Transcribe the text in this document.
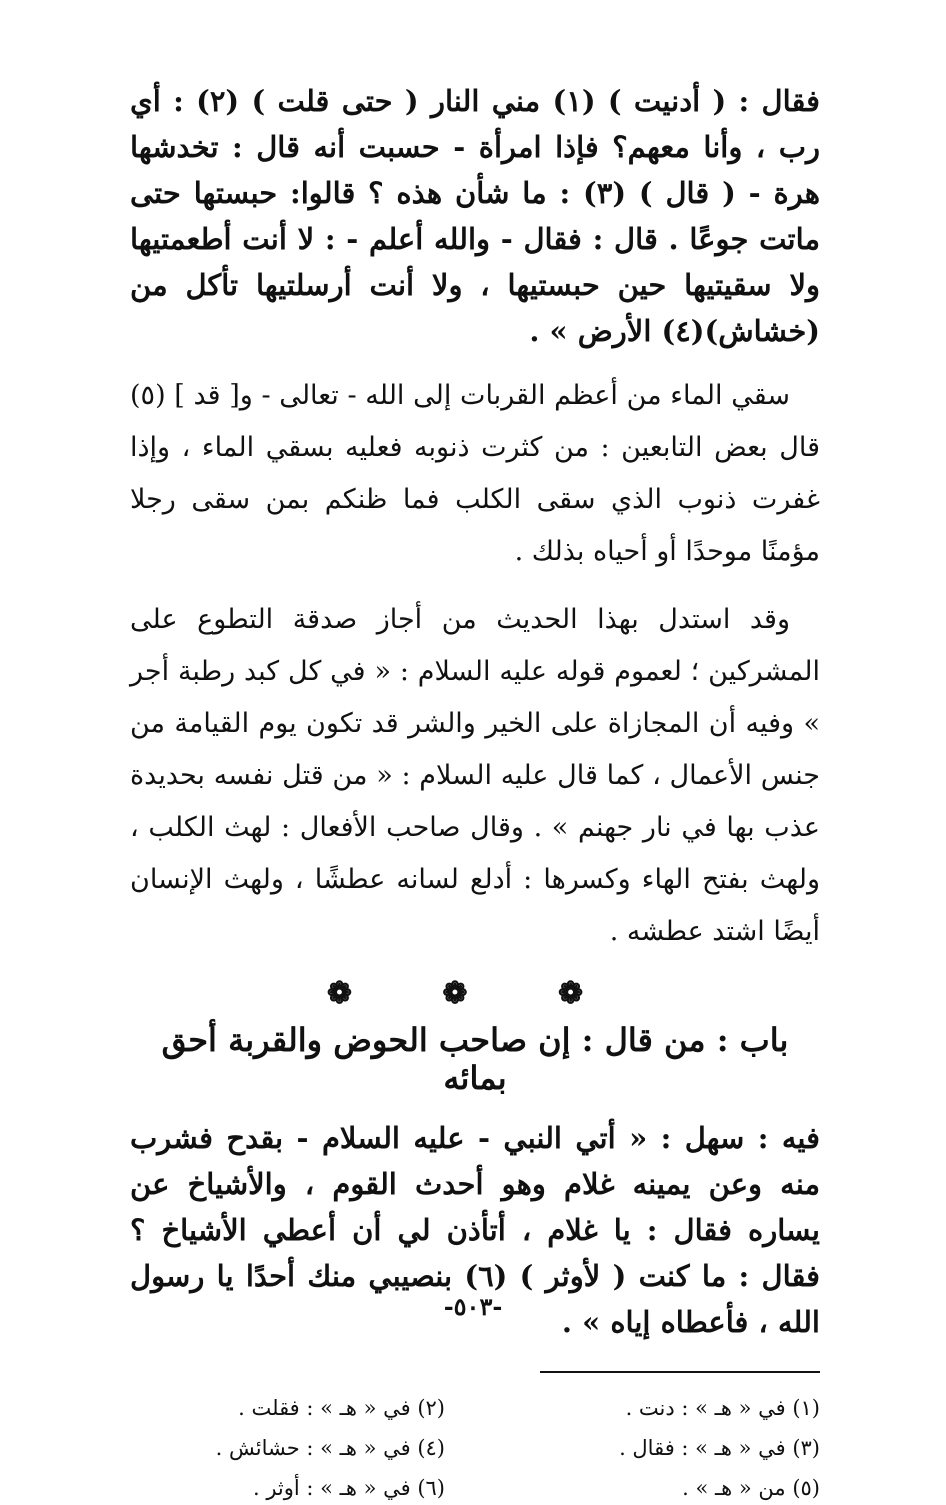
فقال : ( أدنيت ) (١) مني النار ( حتى قلت ) (٢) : أي رب ، وأنا معهم؟ فإذا امرأة - حسبت أنه قال : تخدشها هرة - ( قال ) (٣) : ما شأن هذه ؟ قالوا: حبستها حتى ماتت جوعًا . قال : فقال - والله أعلم - : لا أنت أطعمتيها ولا سقيتيها حين حبستيها ، ولا أنت أرسلتيها تأكل من (خشاش)(٤) الأرض » .

سقي الماء من أعظم القربات إلى الله - تعالى - و[ قد ] (٥) قال بعض التابعين : من كثرت ذنوبه فعليه بسقي الماء ، وإذا غفرت ذنوب الذي سقى الكلب فما ظنكم بمن سقى رجلا مؤمنًا موحدًا أو أحياه بذلك .

وقد استدل بهذا الحديث من أجاز صدقة التطوع على المشركين ؛ لعموم قوله عليه السلام : « في كل كبد رطبة أجر » وفيه أن المجازاة على الخير والشر قد تكون يوم القيامة من جنس الأعمال ، كما قال عليه السلام : « من قتل نفسه بحديدة عذب بها في نار جهنم » . وقال صاحب الأفعال : لهث الكلب ، ولهث بفتح الهاء وكسرها : أدلع لسانه عطشًا ، ولهث الإنسان أيضًا اشتد عطشه .

❁ ❁ ❁
باب : من قال : إن صاحب الحوض والقربة أحق بمائه

فيه : سهل : « أتي النبي - عليه السلام - بقدح فشرب منه وعن يمينه غلام وهو أحدث القوم ، والأشياخ عن يساره فقال : يا غلام ، أتأذن لي أن أعطي الأشياخ ؟ فقال : ما كنت ( لأوثر ) (٦) بنصيبي منك أحدًا يا رسول الله ، فأعطاه إياه » .

(١) في « هـ » : دنت .
(٢) في « هـ » : فقلت .
(٣) في « هـ » : فقال .
(٤) في « هـ » : حشائش .
(٥) من « هـ » .
(٦) في « هـ » : أوثر .
-٥٠٣-
